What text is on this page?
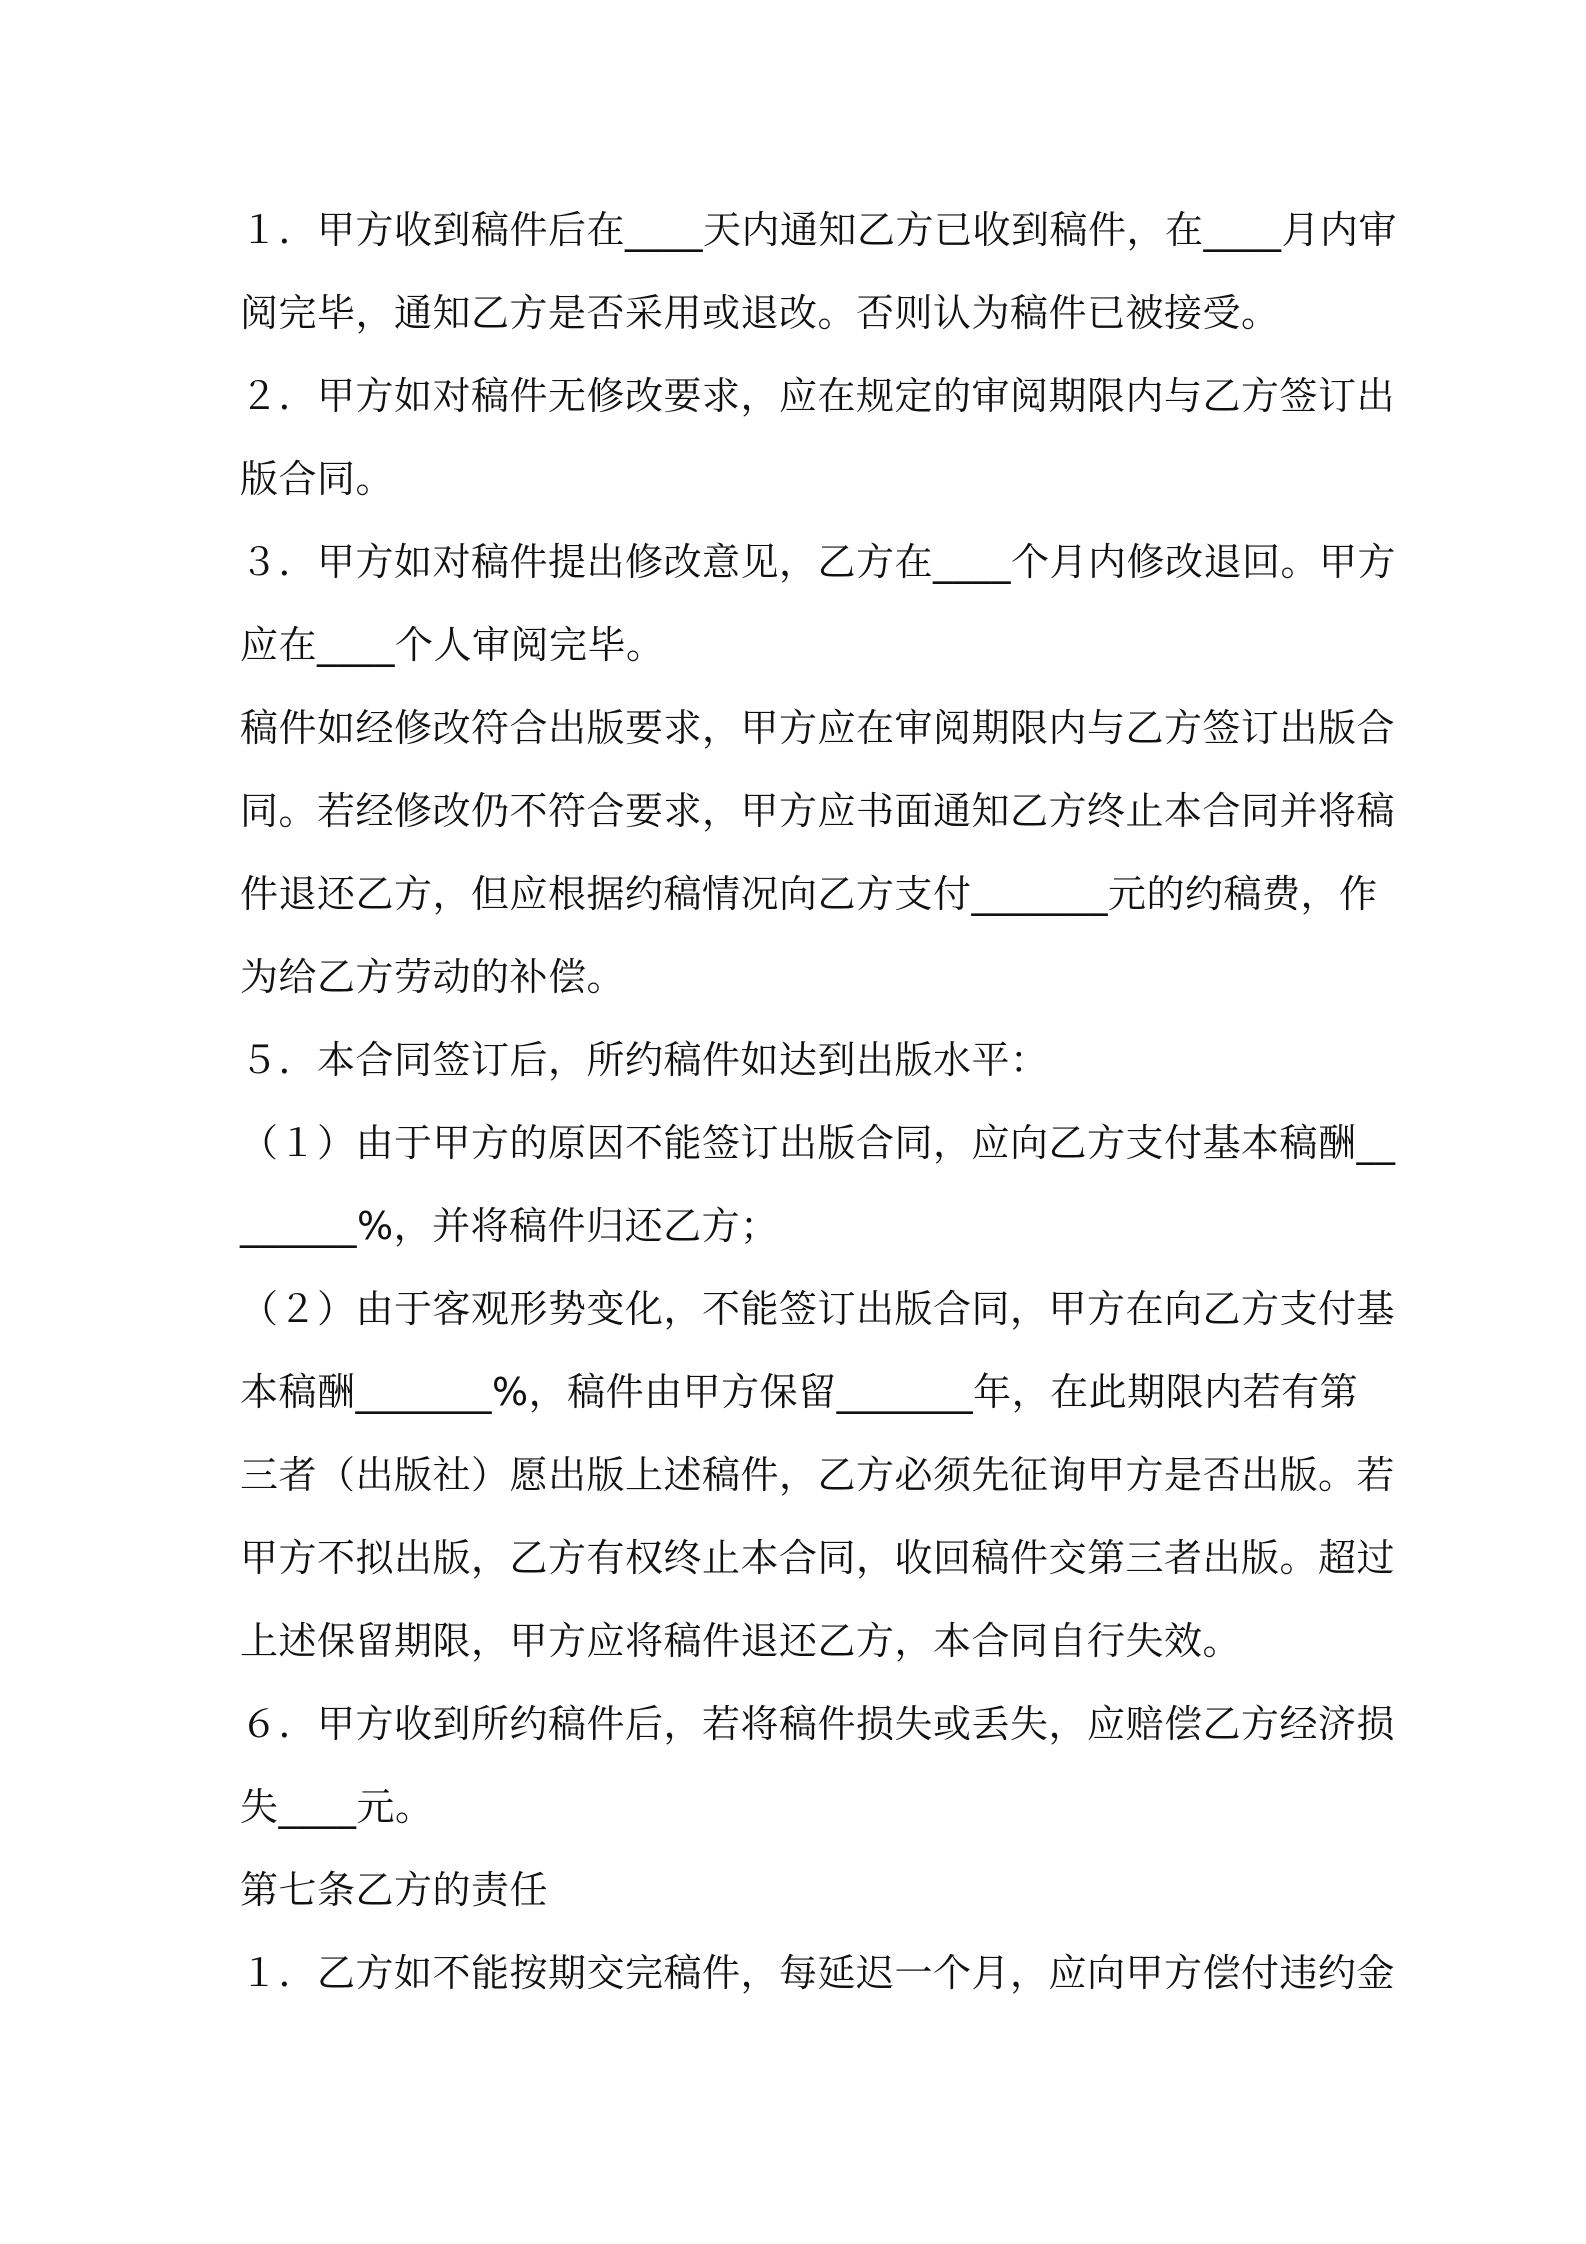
１．甲方收到稿件后在____天内通知乙方已收到稿件，在____月内审
阅完毕，通知乙方是否采用或退改。否则认为稿件已被接受。
２．甲方如对稿件无修改要求，应在规定的审阅期限内与乙方签订出
版合同。
３．甲方如对稿件提出修改意见，乙方在____个月内修改退回。甲方
应在____个人审阅完毕。
稿件如经修改符合出版要求，甲方应在审阅期限内与乙方签订出版合
同。若经修改仍不符合要求，甲方应书面通知乙方终止本合同并将稿
件退还乙方，但应根据约稿情况向乙方支付_______元的约稿费，作
为给乙方劳动的补偿。
５．本合同签订后，所约稿件如达到出版水平：
（１）由于甲方的原因不能签订出版合同，应向乙方支付基本稿酬__
______%，并将稿件归还乙方；
（２）由于客观形势变化，不能签订出版合同，甲方在向乙方支付基
本稿酬_______%，稿件由甲方保留_______年，在此期限内若有第
三者（出版社）愿出版上述稿件，乙方必须先征询甲方是否出版。若
甲方不拟出版，乙方有权终止本合同，收回稿件交第三者出版。超过
上述保留期限，甲方应将稿件退还乙方，本合同自行失效。
６．甲方收到所约稿件后，若将稿件损失或丢失，应赔偿乙方经济损
失____元。
第七条乙方的责任
１．乙方如不能按期交完稿件，每延迟一个月，应向甲方偿付违约金
